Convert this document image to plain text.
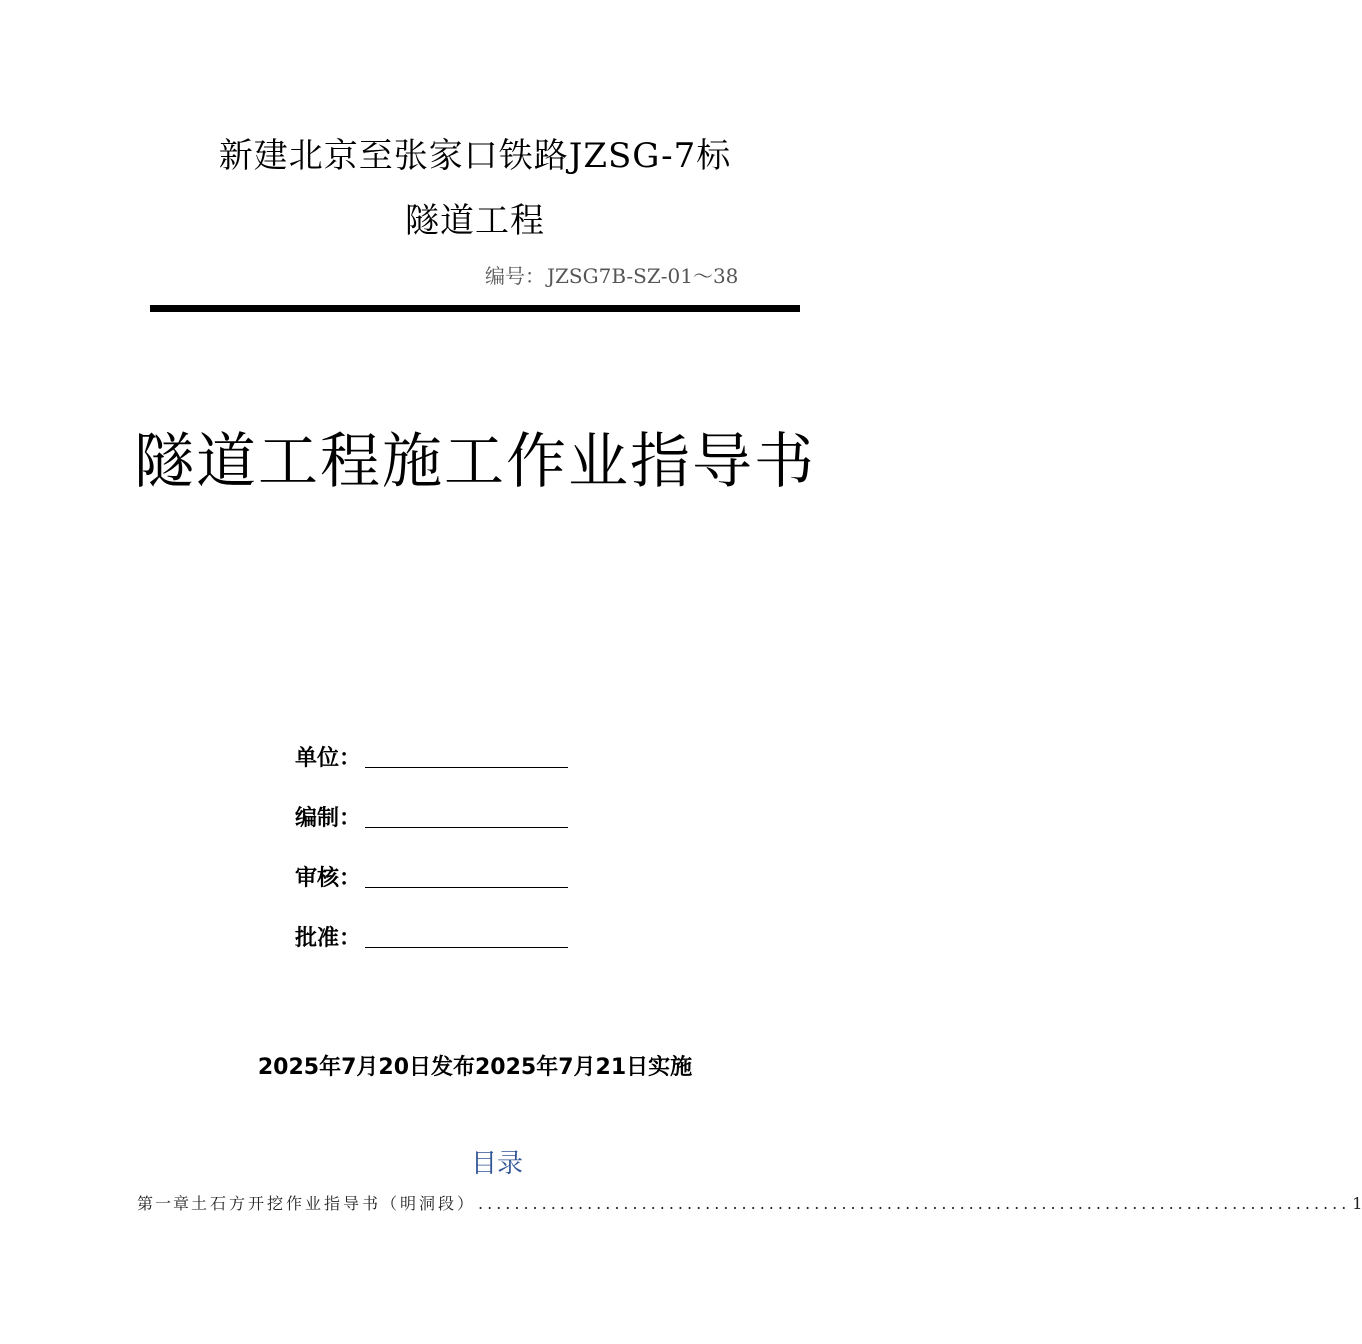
新建北京至张家口铁路JZSG-7标
隧道工程
编号： JZSG7B-SZ-01～38
隧道工程施工作业指导书
单位：
编制：
审核：
批准：
2025年7月20日发布2025年7月21日实施
目录
第一章 土石方开挖作业指导书（明洞段） ................................................................................................ 1
